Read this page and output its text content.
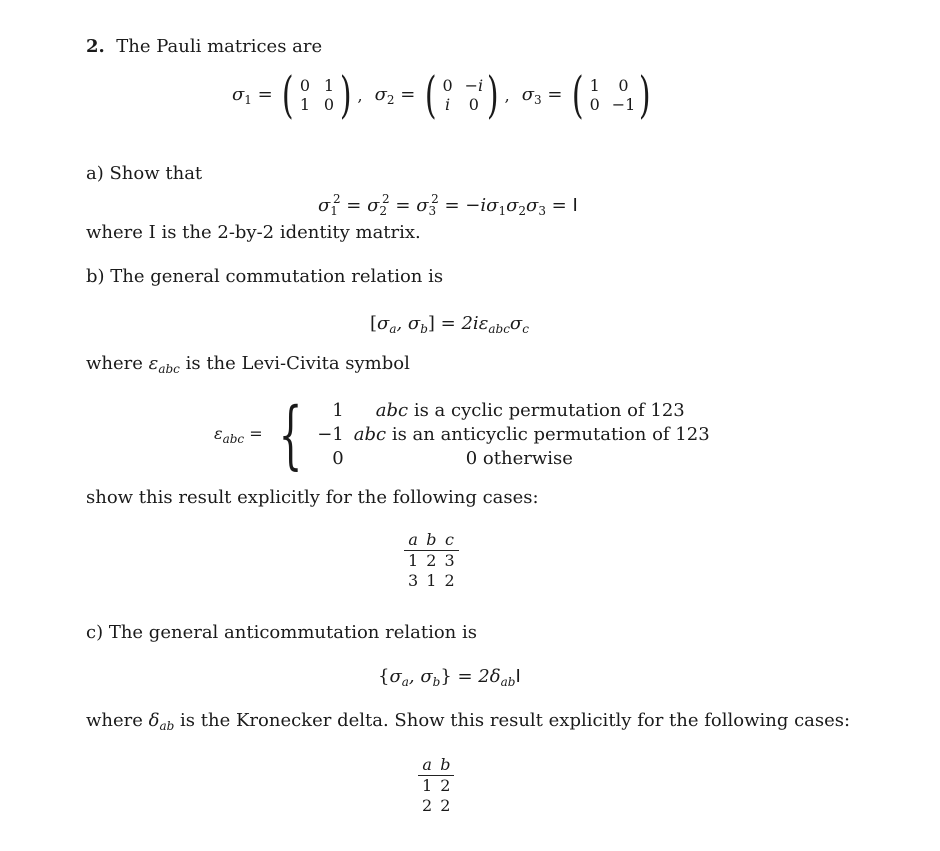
2. The Pauli matrices are
$\sigma_1$ = ( 0 1
1 0 ) , $\sigma_2$ = ( 0 −i
i 0 ) , $\sigma_3$ = ( 1	0
0 −1 )
a) Show that
$\sigma_1^2 = \sigma_2^2 = \sigma_3^2 = -i\sigma_1\sigma_2\sigma_3 = I$
where I is the 2-by-2 identity matrix.
b) The general commutation relation is
[$\sigma_a$, $\sigma_b] = 2i\varepsilon_{abc}\sigma_c$
where $\varepsilon_{abc}$ is the Levi-Civita symbol
$\varepsilon_{abc}$ = {	1	abc is a cyclic permutation of 123
−1 abc is an anticyclic permutation of 123
0	0 otherwise
show this result explicitly for the following cases:
a	b	c
1	2	3
3	1	2
c) The general anticommutation relation is
{$\sigma_a$, $\sigma_b\} = 2\delta_{ab}I$
where $\delta_{ab}$ is the Kronecker delta. Show this result explicitly for the following cases:
a	b
1	2
2	2
